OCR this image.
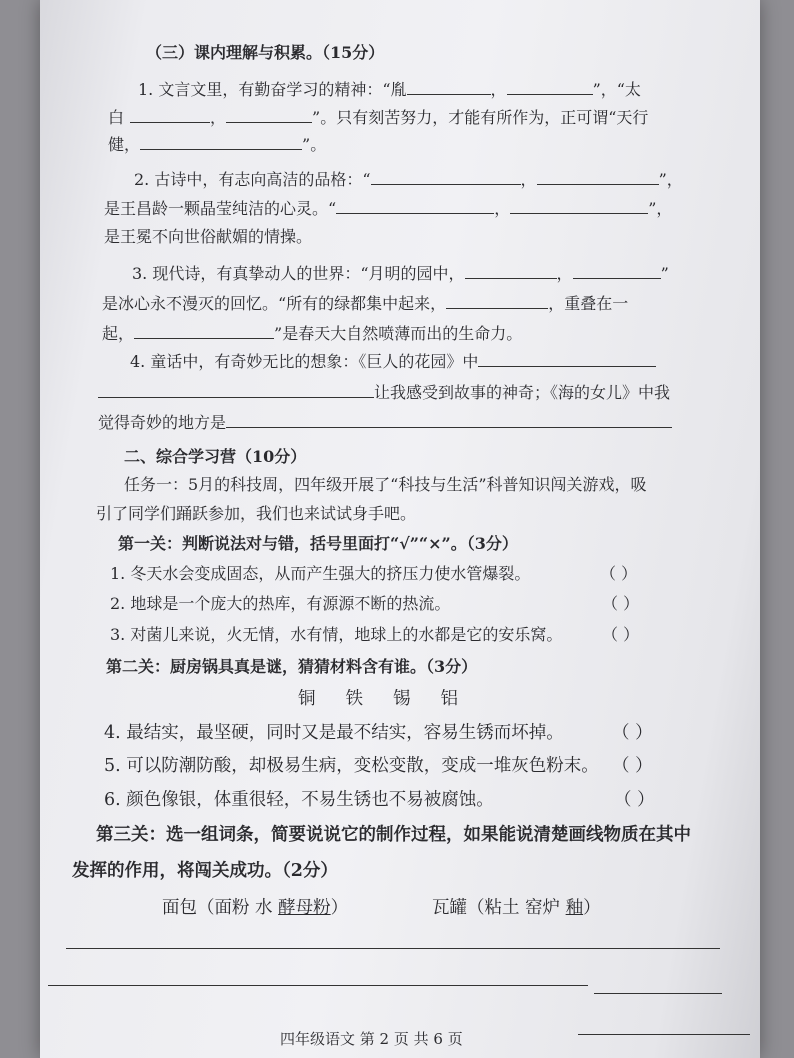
（三）课内理解与积累。（15分）
1. 文言文里，有勤奋学习的精神：“胤	，	”，“太
白	，	”。只有刻苦努力，才能有所作为，正可谓“天行
健，	”。
2. 古诗中，有志向高洁的品格：“	，	”，
是王昌龄一颗晶莹纯洁的心灵。“	，	”，
是王冕不向世俗献媚的情操。
3. 现代诗，有真挚动人的世界：“月明的园中，	，	”
是冰心永不漫灭的回忆。“所有的绿都集中起来，	，重叠在一
起，	”是春天大自然喷薄而出的生命力。
4. 童话中，有奇妙无比的想象：《巨人的花园》中
让我感受到故事的神奇；《海的女儿》中我
觉得奇妙的地方是
二、综合学习营（10分）
任务一：5月的科技周，四年级开展了“科技与生活”科普知识闯关游戏，吸
引了同学们踊跃参加，我们也来试试身手吧。
第一关：判断说法对与错，括号里面打“√”“×”。（3分）
1. 冬天水会变成固态，从而产生强大的挤压力使水管爆裂。	（ ）
2. 地球是一个庞大的热库，有源源不断的热流。	（ ）
3. 对菌儿来说，火无情，水有情，地球上的水都是它的安乐窝。 （ ）
第二关：厨房锅具真是谜，猜猜材料含有谁。（3分）
铜 铁 锡 铝
4. 最结实，最坚硬，同时又是最不结实，容易生锈而坏掉。	（ ）
5. 可以防潮防酸，却极易生病，变松变散，变成一堆灰色粉末。 （ ）
6. 颜色像银，体重很轻，不易生锈也不易被腐蚀。	（ ）
第三关：选一组词条，简要说说它的制作过程，如果能说清楚画线物质在其中
发挥的作用，将闯关成功。（2分）
面包（面粉 水 酵母粉）	瓦罐（粘土 窑炉 釉）
四年级语文 第 2 页 共 6 页
